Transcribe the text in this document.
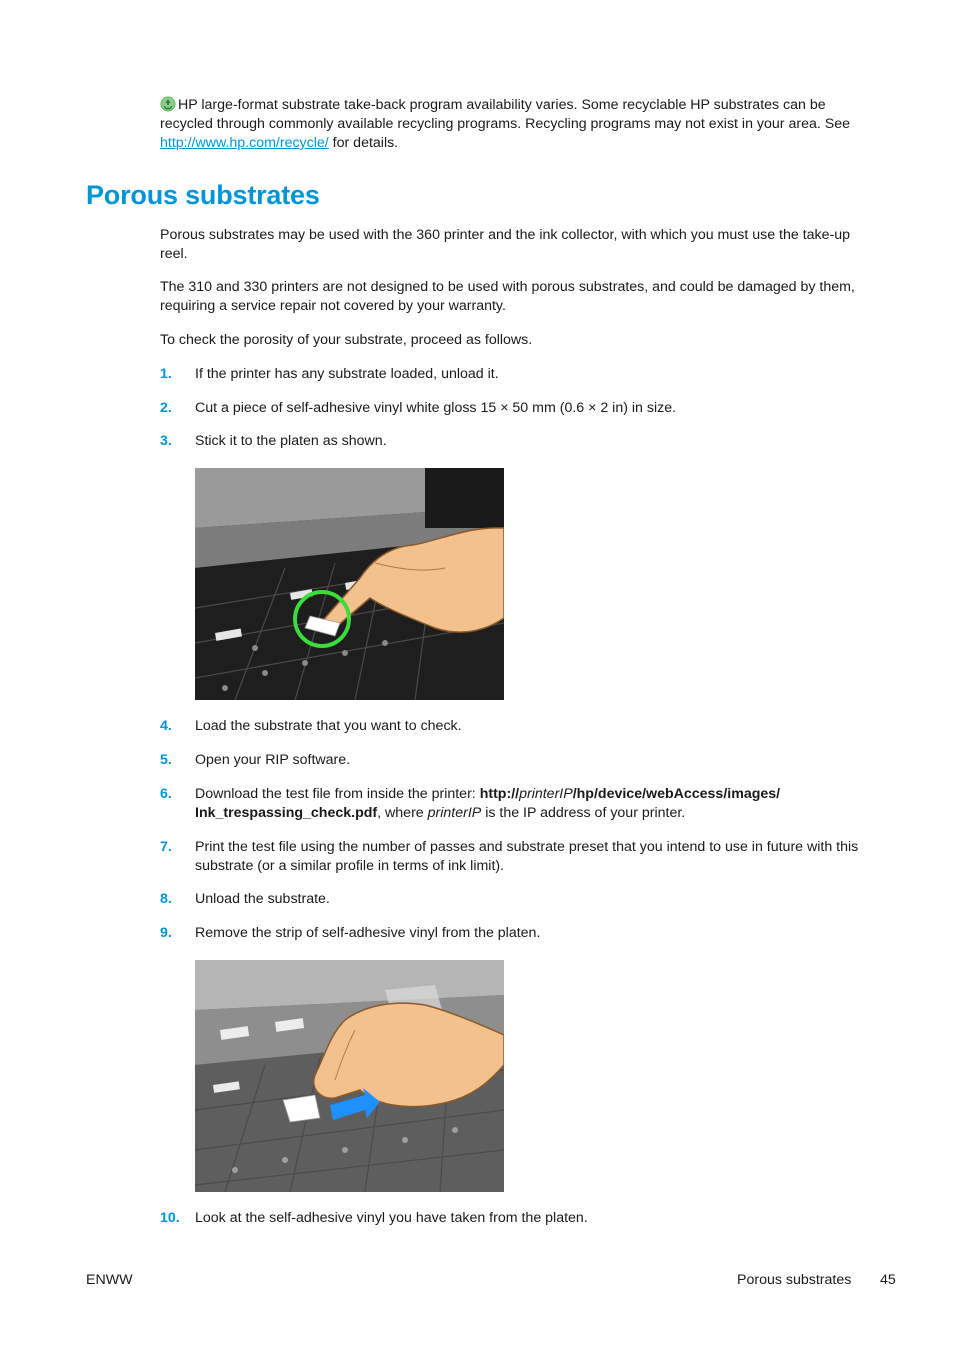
HP large-format substrate take-back program availability varies. Some recyclable HP substrates can be recycled through commonly available recycling programs. Recycling programs may not exist in your area. See http://www.hp.com/recycle/ for details.

Porous substrates

Porous substrates may be used with the 360 printer and the ink collector, with which you must use the take-up reel.

The 310 and 330 printers are not designed to be used with porous substrates, and could be damaged by them, requiring a service repair not covered by your warranty.

To check the porosity of your substrate, proceed as follows.

1. If the printer has any substrate loaded, unload it.
2. Cut a piece of self-adhesive vinyl white gloss 15 × 50 mm (0.6 × 2 in) in size.
3. Stick it to the platen as shown.
4. Load the substrate that you want to check.
5. Open your RIP software.
6. Download the test file from inside the printer: http://printerIP/hp/device/webAccess/images/
Ink_trespassing_check.pdf, where printerIP is the IP address of your printer.
7. Print the test file using the number of passes and substrate preset that you intend to use in future with this substrate (or a similar profile in terms of ink limit).
8. Unload the substrate.
9. Remove the strip of self-adhesive vinyl from the platen.
10. Look at the self-adhesive vinyl you have taken from the platen.
ENWW	Porous substrates 45
